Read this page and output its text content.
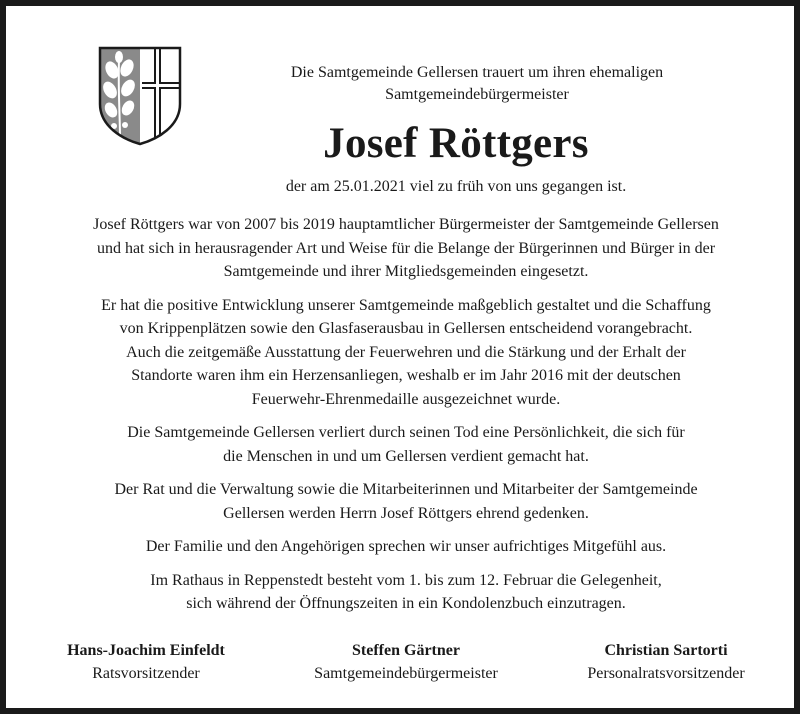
Die Samtgemeinde Gellersen trauert um ihren ehemaligen
Samtgemeindebürgermeister
Josef Röttgers
der am 25.01.2021 viel zu früh von uns gegangen ist.

Josef Röttgers war von 2007 bis 2019 hauptamtlicher Bürgermeister der Samtgemeinde Gellersen
und hat sich in herausragender Art und Weise für die Belange der Bürgerinnen und Bürger in der
Samtgemeinde und ihrer Mitgliedsgemeinden eingesetzt.

Er hat die positive Entwicklung unserer Samtgemeinde maßgeblich gestaltet und die Schaffung
von Krippenplätzen sowie den Glasfaserausbau in Gellersen entscheidend vorangebracht.
Auch die zeitgemäße Ausstattung der Feuerwehren und die Stärkung und der Erhalt der
Standorte waren ihm ein Herzensanliegen, weshalb er im Jahr 2016 mit der deutschen
Feuerwehr-Ehrenmedaille ausgezeichnet wurde.

Die Samtgemeinde Gellersen verliert durch seinen Tod eine Persönlichkeit, die sich für
die Menschen in und um Gellersen verdient gemacht hat.

Der Rat und die Verwaltung sowie die Mitarbeiterinnen und Mitarbeiter der Samtgemeinde
Gellersen werden Herrn Josef Röttgers ehrend gedenken.

Der Familie und den Angehörigen sprechen wir unser aufrichtiges Mitgefühl aus.

Im Rathaus in Reppenstedt besteht vom 1. bis zum 12. Februar die Gelegenheit,
sich während der Öffnungszeiten in ein Kondolenzbuch einzutragen.

Hans-Joachim Einfeldt
Ratsvorsitzender
Steffen Gärtner
Samtgemeindebürgermeister
Christian Sartorti
Personalratsvorsitzender
